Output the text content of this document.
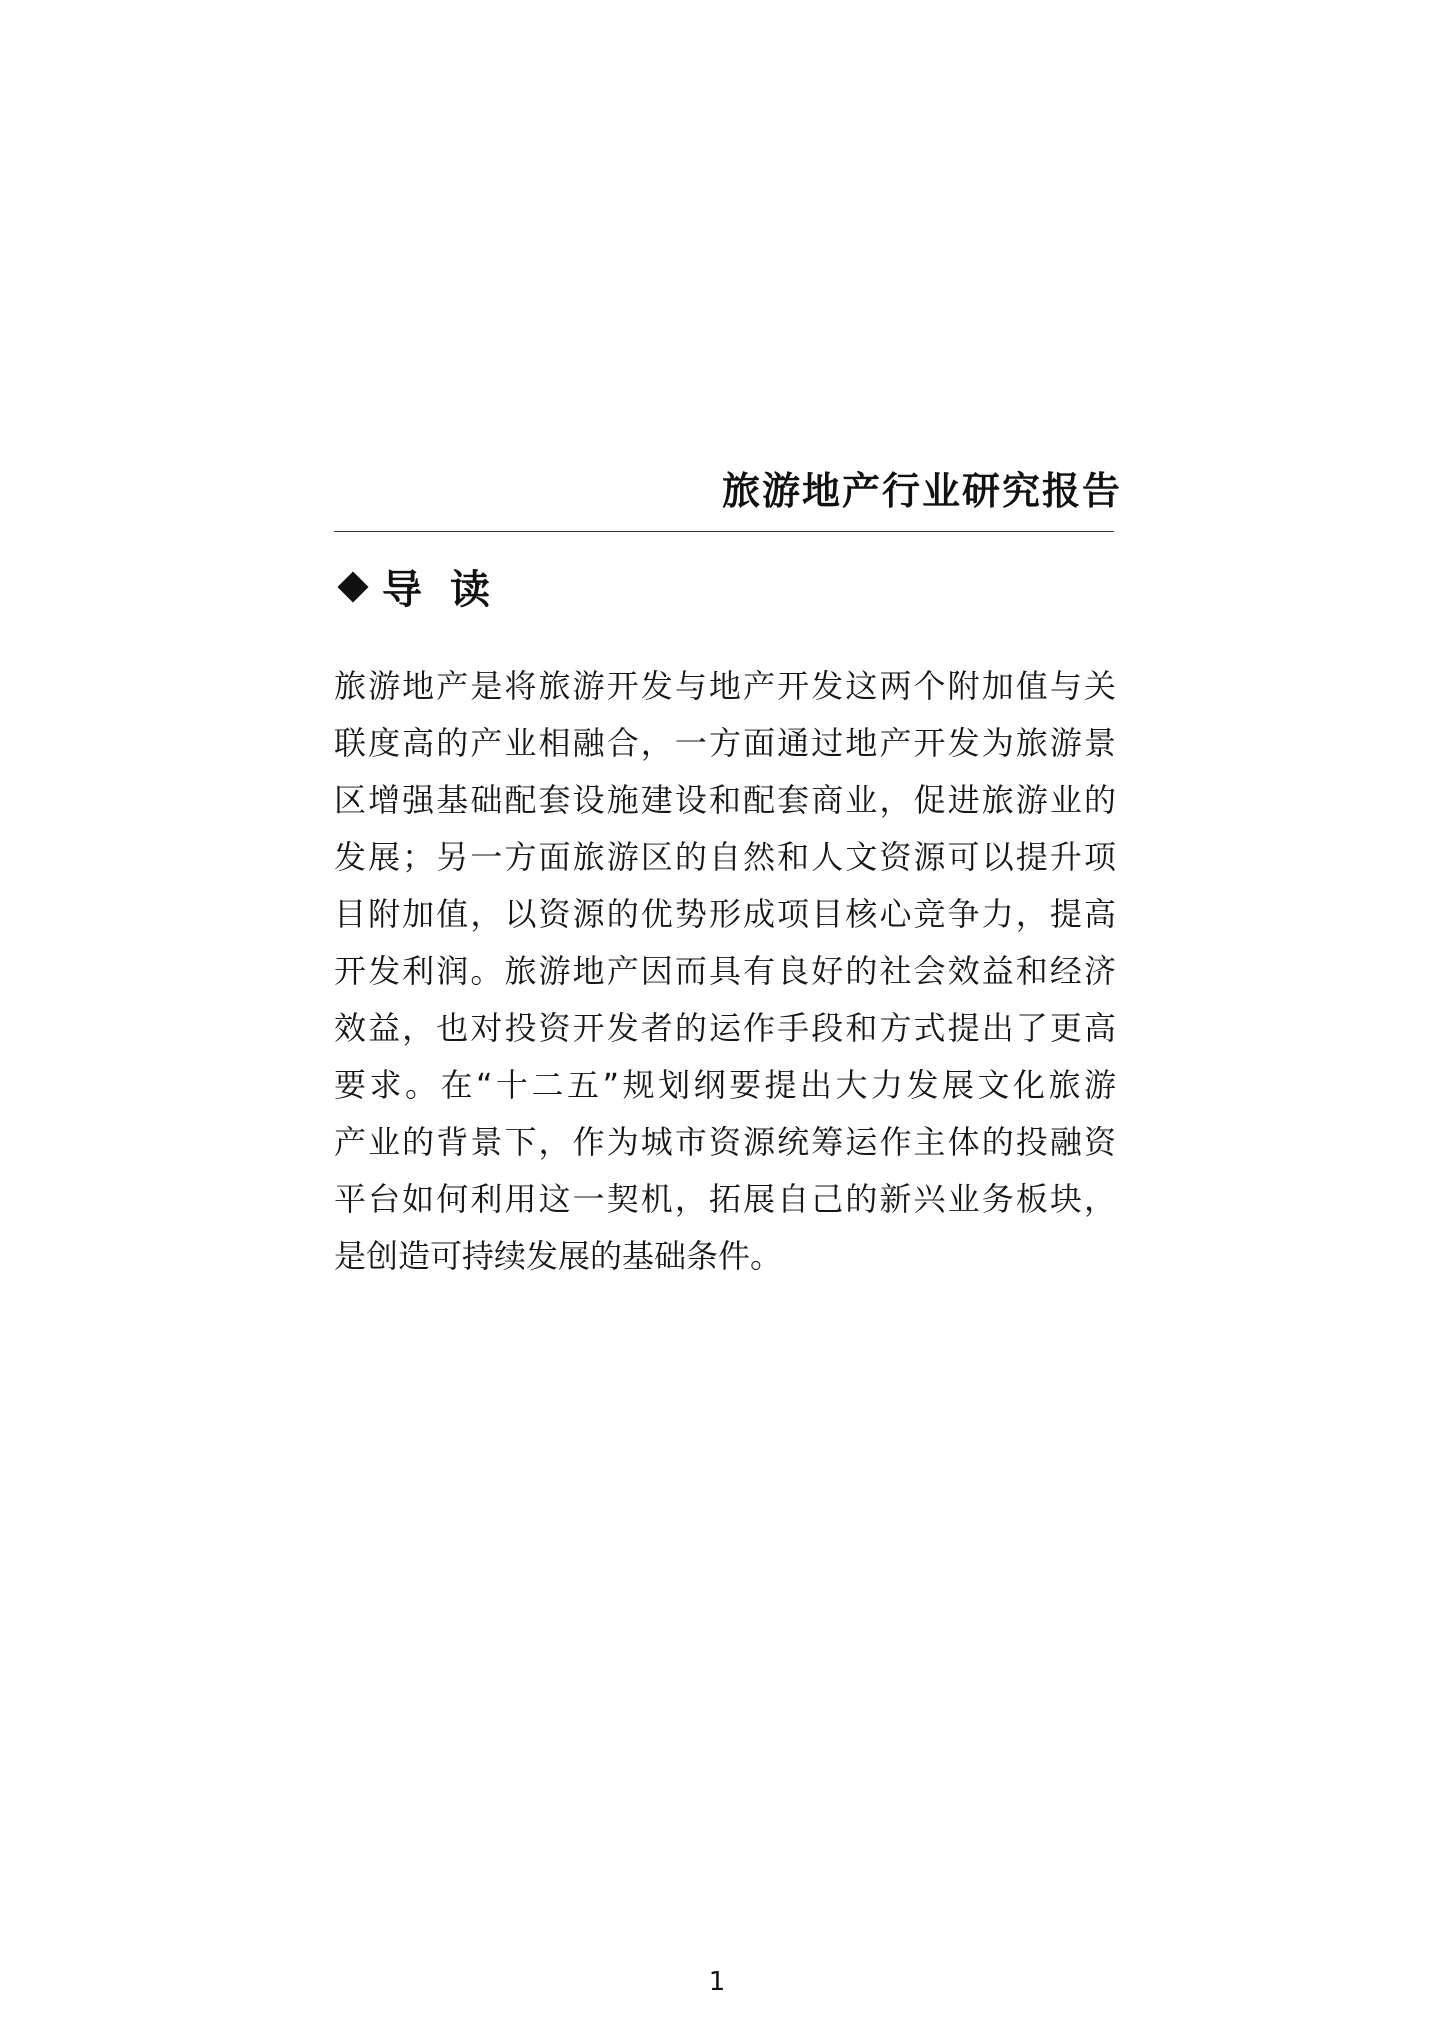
旅游地产行业研究报告
导读
旅游地产是将旅游开发与地产开发这两个附加值与关
联度高的产业相融合，一方面通过地产开发为旅游景
区增强基础配套设施建设和配套商业，促进旅游业的
发展；另一方面旅游区的自然和人文资源可以提升项
目附加值，以资源的优势形成项目核心竞争力，提高
开发利润。旅游地产因而具有良好的社会效益和经济
效益，也对投资开发者的运作手段和方式提出了更高
要求。在“十二五”规划纲要提出大力发展文化旅游
产业的背景下，作为城市资源统筹运作主体的投融资
平台如何利用这一契机，拓展自己的新兴业务板块，
是创造可持续发展的基础条件。
1
